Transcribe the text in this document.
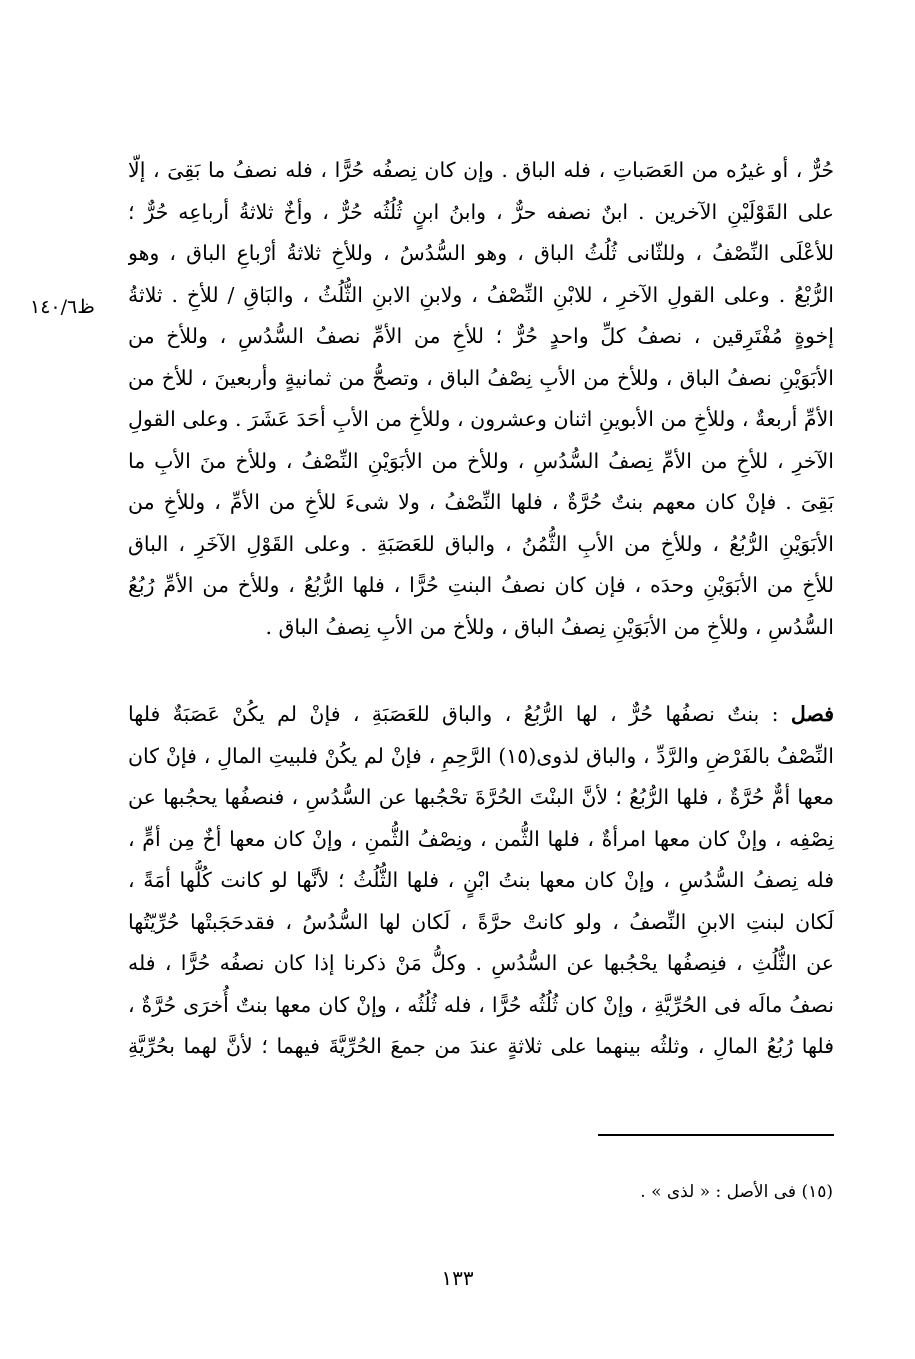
ظ١٤٠/٦
حُرٌّ ، أو غيرُه من العَصَباتِ ، فله الباق . وإن كان نِصفُه حُرًّا ، فله نصفُ ما بَقِىَ ، إلّا
على القَوْلَيْنِ الآخرين . ابنٌ نصفه حرٌّ ، وابنُ ابنٍ ثُلُثُه حُرٌّ ، وأخٌ ثلاثةُ أرباعِه حُرٌّ ؛
للأعْلَى النِّصْفُ ، وللثّانى ثُلُثُ الباق ، وهو السُّدُسُ ، وللأخِ ثلاثةُ أرْباعِ الباق ، وهو
الرُّبْعُ . وعلى القولِ الآخرِ ، للابْنِ النِّصْفُ ، ولابنِ الابنِ الثُّلُثُ ، والبَاقِ / للأخِ . ثلاثةُ
إخوةٍ مُفْتَرِقين ، نصفُ كلِّ واحدٍ حُرٌّ ؛ للأخِ من الأمِّ نصفُ السُّدُسِ ، وللأخ من
الأبَوَيْنِ نصفُ الباق ، وللأخ من الأبِ نِصْفُ الباق ، وتصحُّ من ثمانيةٍ وأربعينَ ، للأخ من
الأمِّ أربعةٌ ، وللأخِ من الأبوينِ اثنان وعشرون ، وللأخِ من الأبِ أحَدَ عَشَرَ . وعلى القولِ
الآخرِ ، للأخِ من الأمِّ نِصفُ السُّدُسِ ، وللأخ من الأبَوَيْنِ النِّصْفُ ، وللأخ منَ الأبِ ما
بَقِىَ . فإنْ كان معهم بنتٌ حُرَّةٌ ، فلها النِّصْفُ ، ولا شىءَ للأخِ من الأمِّ ، وللأخِ من
الأبَوَيْنِ الرُّبُعُ ، وللأخِ من الأبِ الثُّمُنُ ، والباق للعَصَبَةِ . وعلى القَوْلِ الآخَرِ ، الباق
للأخِ من الأبَوَيْنِ وحدَه ، فإن كان نصفُ البنتِ حُرًّا ، فلها الرُّبُعُ ، وللأخ من الأمِّ رُبُعُ
السُّدُسِ ، وللأخِ من الأبَوَيْنِ نِصفُ الباق ، وللأخ من الأبِ نِصفُ الباق .
فصل : بنتٌ نصفُها حُرٌّ ، لها الرُّبُعُ ، والباق للعَصَبَةِ ، فإنْ لم يكُنْ عَصَبَةٌ فلها
النِّصْفُ بالفَرْضِ والرَّدِّ ، والباق لذوى(١٥) الرَّحِمِ ، فإنْ لم يكُنْ فلبيتِ المالِ ، فإنْ كان
معها أمٌّ حُرَّةٌ ، فلها الرُّبُعُ ؛ لأنَّ البنْتَ الحُرَّةَ تحْجُبها عن السُّدُسِ ، فنصفُها يحجُبها عن
نِصْفِه ، وإنْ كان معها امرأةٌ ، فلها الثُّمن ، ونِصْفُ الثُّمنِ ، وإنْ كان معها أخٌ مِن أمٍّ ،
فله نِصفُ السُّدُسِ ، وإنْ كان معها بنتُ ابْنٍ ، فلها الثُّلُثُ ؛ لأنَّها لو كانت كُلُّها أمَةً ،
لَكان لبنتِ الابنِ النِّصفُ ، ولو كانتْ حرَّةً ، لَكان لها السُّدُسُ ، فقدحَجَبتْها حُرِّيّتُها
عن الثُّلُثِ ، فنِصفُها يحْجُبها عن السُّدُسِ . وكلُّ مَنْ ذكرنا إذا كان نصفُه حُرًّا ، فله
نصفُ مالَه فى الحُرِّيَّةِ ، وإنْ كان ثُلُثُه حُرًّا ، فله ثُلُثُه ، وإنْ كان معها بنتٌ أُخرَى حُرَّةٌ ،
فلها رُبُعُ المالِ ، وثلثُه بينهما على ثلاثةٍ عندَ من جمعَ الحُرِّيَّةَ فيهما ؛ لأنَّ لهما بحُرِّيَّةِ
(١٥) فى الأصل : « لذى » .
١٣٣
